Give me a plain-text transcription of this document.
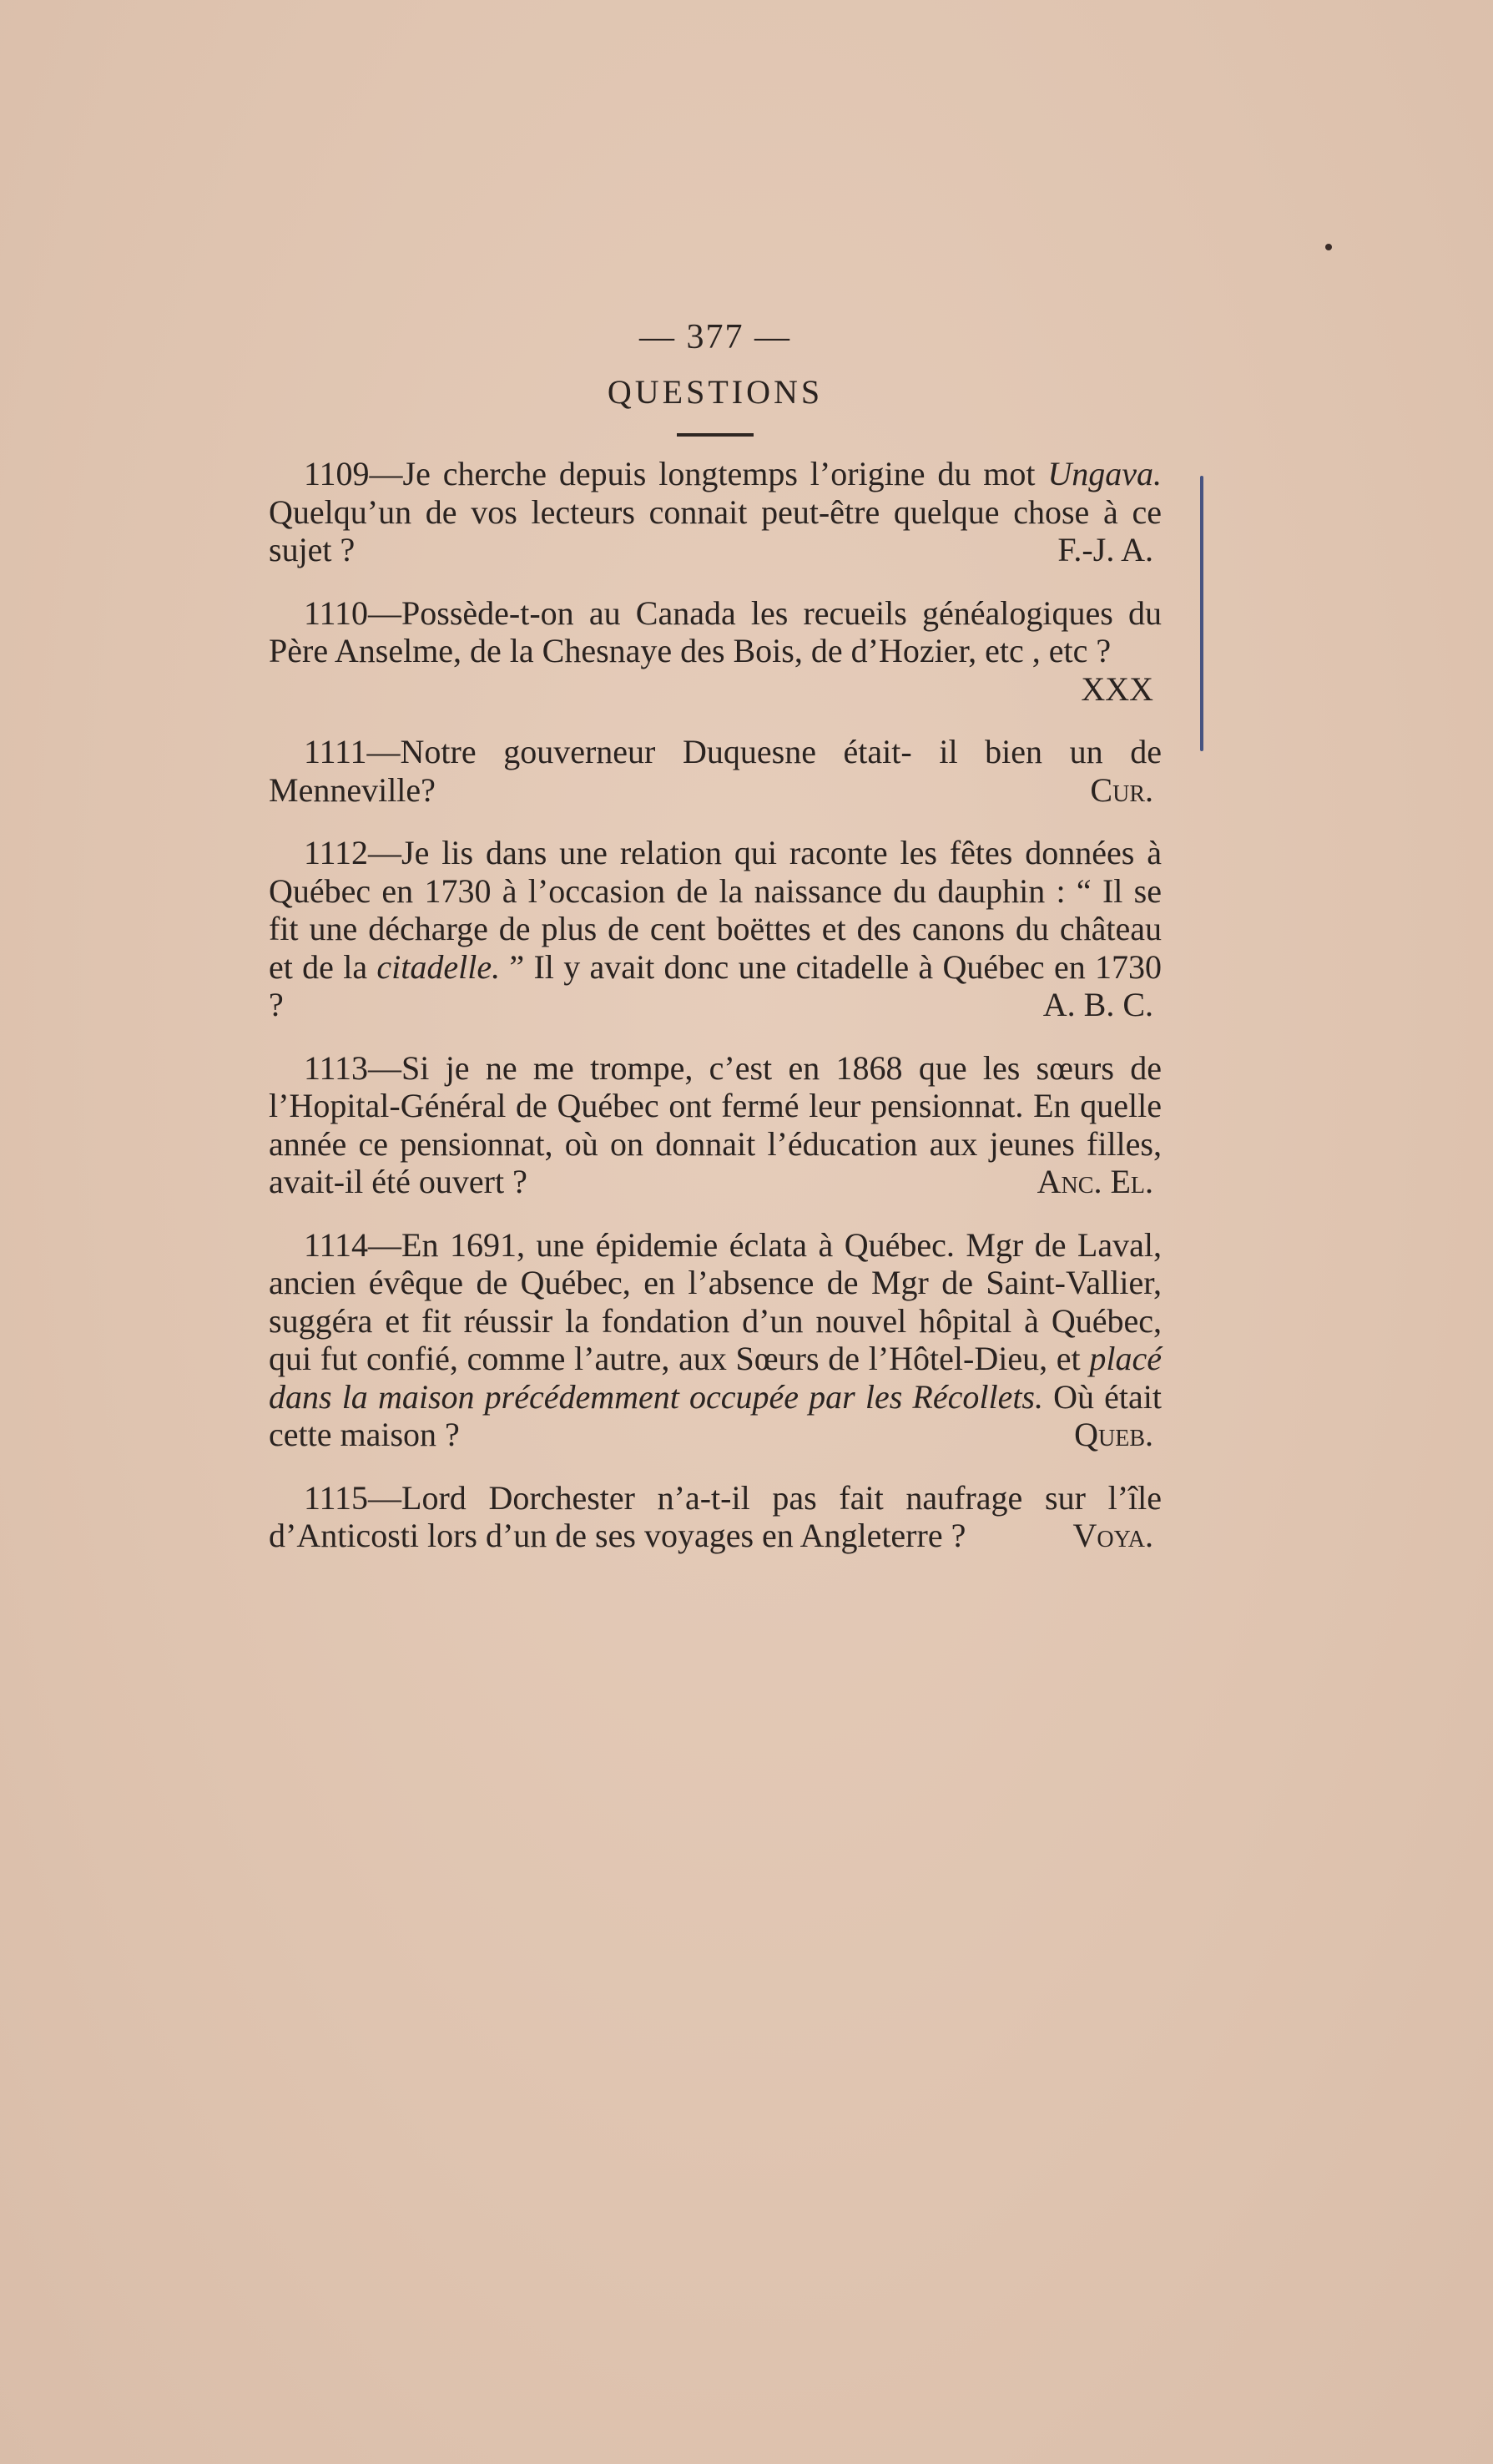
— 377 —
QUESTIONS

1109—Je cherche depuis longtemps l’origine du mot Ungava. Quelqu’un de vos lecteurs connait peut-être quelque chose à ce sujet ?	F.-J. A.

1110—Possède-t-on au Canada les recueils généalogiques du Père Anselme, de la Chesnaye des Bois, de d’Hozier, etc , etc ?
XXX

1111—Notre gouverneur Duquesne était- il bien un de Menneville?	Cur.

1112—Je lis dans une relation qui raconte les fêtes données à Québec en 1730 à l’occasion de la naissance du dauphin : “ Il se fit une décharge de plus de cent boëttes et des canons du château et de la citadelle. ” Il y avait donc une citadelle à Québec en 1730 ?	A. B. C.

1113—Si je ne me trompe, c’est en 1868 que les sœurs de l’Hopital-Général de Québec ont fermé leur pensionnat. En quelle année ce pensionnat, où on donnait l’éducation aux jeunes filles, avait-il été ouvert ?	Anc. El.

1114—En 1691, une épidemie éclata à Québec. Mgr de Laval, ancien évêque de Québec, en l’absence de Mgr de Saint-Vallier, suggéra et fit réussir la fondation d’un nouvel hôpital à Québec, qui fut confié, comme l’autre, aux Sœurs de l’Hôtel-Dieu, et placé dans la maison précédemment occupée par les Récollets. Où était cette maison ?	Queb.

1115—Lord Dorchester n’a-t-il pas fait naufrage sur l’île d’Anticosti lors d’un de ses voyages en Angleterre ?	Voya.
